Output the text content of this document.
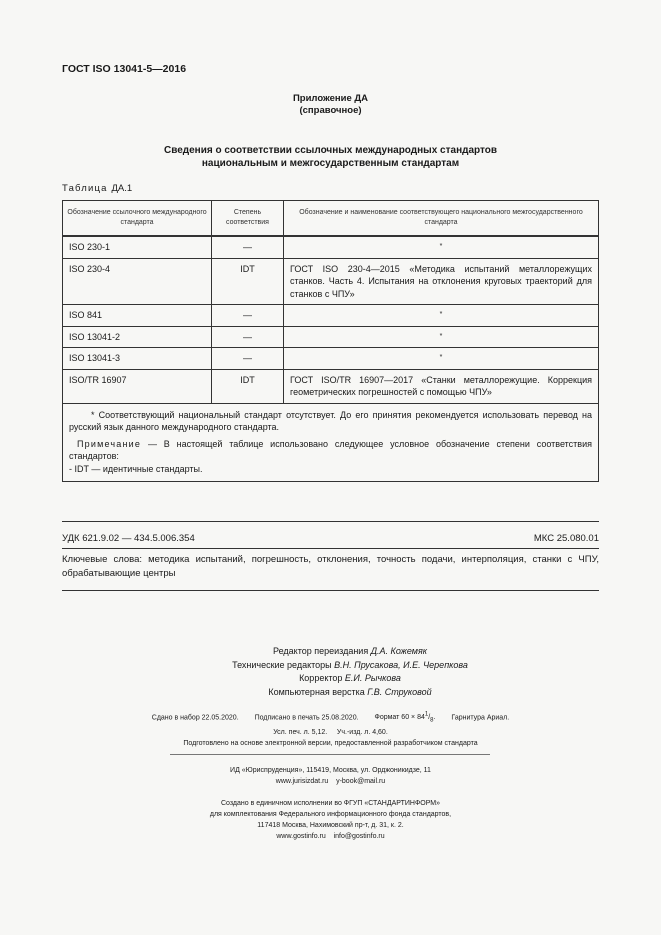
ГОСТ ISO 13041-5—2016
Приложение ДА
(справочное)
Сведения о соответствии ссылочных международных стандартов
национальным и межгосударственным стандартам
Таблица ДА.1
Обозначение ссылочного международного стандарта	Степень соответствия	Обозначение и наименование соответствующего национального межгосударственного стандарта
ISO 230-1	—	*
ISO 230-4	IDT	ГОСТ ISO 230-4—2015 «Методика испытаний металлорежущих станков. Часть 4. Испытания на отклонения круговых траекторий для станков с ЧПУ»
ISO 841	—	*
ISO 13041-2	—	*
ISO 13041-3	—	*
ISO/TR 16907	IDT	ГОСТ ISO/TR 16907—2017 «Станки металлорежущие. Коррекция геометрических погрешностей с помощью ЧПУ»

* Соответствующий национальный стандарт отсутствует. До его принятия рекомендуется использовать перевод на русский язык данного международного стандарта.
Примечание — В настоящей таблице использовано следующее условное обозначение степени соответствия стандартов:
- IDT — идентичные стандарты.		
УДК 621.9.02 — 434.5.006.354	МКС 25.080.01
Ключевые слова: методика испытаний, погрешность, отклонения, точность подачи, интерполяция, станки с ЧПУ, обрабатывающие центры
Редактор переиздания Д.А. Кожемяк
Технические редакторы В.Н. Прусакова, И.Е. Черепкова
Корректор Е.И. Рычкова
Компьютерная верстка Г.В. Струковой
Сдано в набор 22.05.2020. Подписано в печать 25.08.2020. Формат $60 \times 84^1/_8$. Гарнитура Ариал.
Усл. печ. л. 5,12. Уч.-изд. л. 4,60.
Подготовлено на основе электронной версии, предоставленной разработчиком стандарта
ИД «Юриспруденция», 115419, Москва, ул. Орджоникидзе, 11
www.jurisizdat.ru y-book@mail.ru
Создано в единичном исполнении во ФГУП «СТАНДАРТИНФОРМ»
для комплектования Федерального информационного фонда стандартов,
117418 Москва, Нахимовский пр-т, д. 31, к. 2.
www.gostinfo.ru info@gostinfo.ru
